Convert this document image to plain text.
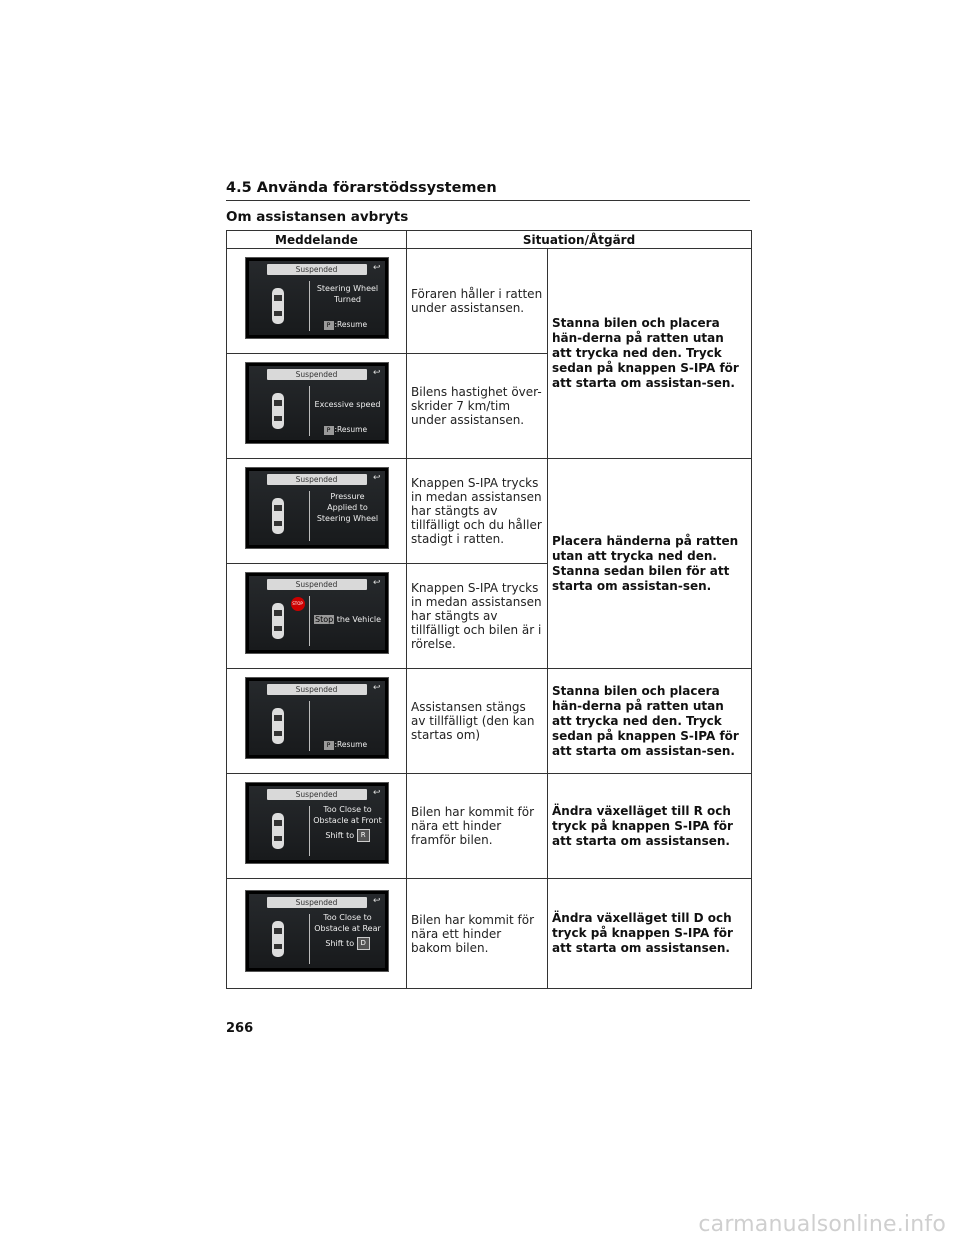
4.5 Använda förarstödssystemen
Om assistansen avbryts
Meddelande	Situation/Åtgärd	

Suspended ↩
Steering Wheel
Turned
P :Resume	Föraren håller i ratten under assistansen.	Stanna bilen och placera hän-derna på ratten utan att trycka ned den. Tryck sedan på knappen S-IPA för att starta om assistan-sen.

Suspended ↩
Excessive speed
P :Resume	Bilens hastighet över-skrider 7 km/tim under assistansen.	

Suspended ↩
Pressure
Applied to
Steering Wheel	Knappen S-IPA trycks in medan assistansen har stängts av tillfälligt och du håller stadigt i ratten.	Placera händerna på ratten utan att trycka ned den. Stanna sedan bilen för att starta om assistan-sen.

Suspended ↩
STOP
Stop the Vehicle	Knappen S-IPA trycks in medan assistansen har stängts av tillfälligt och bilen är i rörelse.	

Suspended ↩
P :Resume	Assistansen stängs av tillfälligt (den kan startas om)	Stanna bilen och placera hän-derna på ratten utan att trycka ned den. Tryck sedan på knappen S-IPA för att starta om assistan-sen.

Suspended ↩
Too Close to
Obstacle at Front
Shift to R	Bilen har kommit för nära ett hinder framför bilen.	Ändra växelläget till R och tryck på knappen S-IPA för att starta om assistansen.

Suspended ↩
Too Close to
Obstacle at Rear
Shift to D	Bilen har kommit för nära ett hinder bakom bilen.	Ändra växelläget till D och tryck på knappen S-IPA för att starta om assistansen.
266
carmanualsonline.info
